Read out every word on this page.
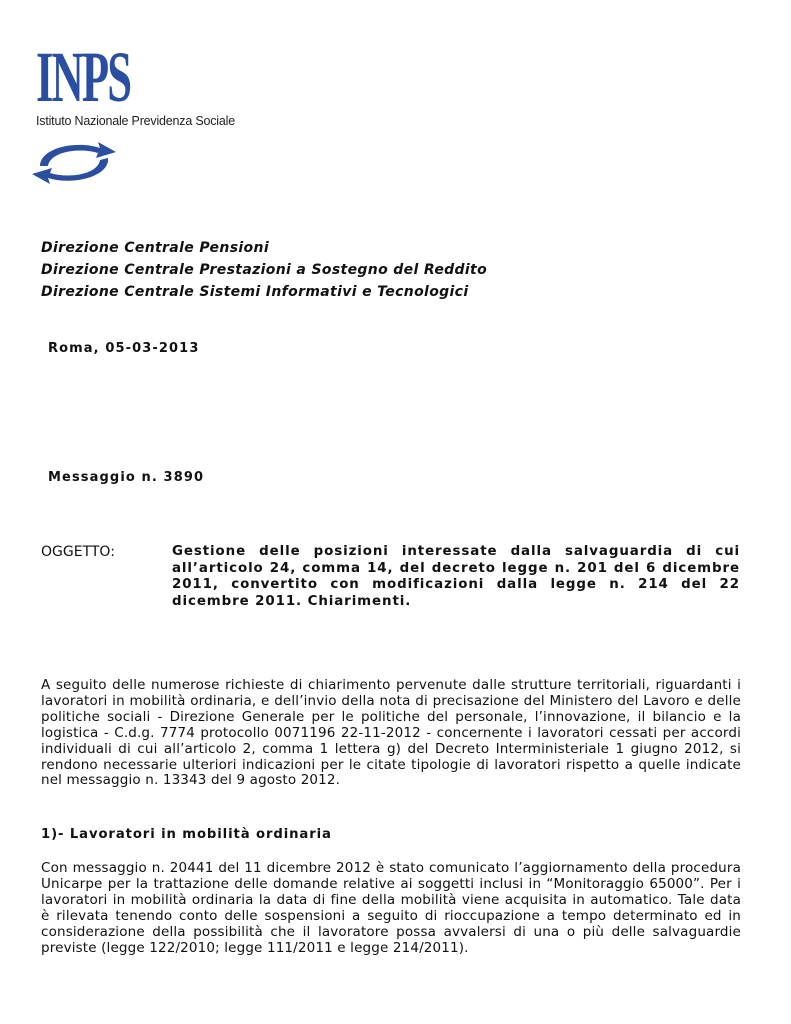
INPS
Istituto Nazionale Previdenza Sociale
Direzione Centrale Pensioni
Direzione Centrale Prestazioni a Sostegno del Reddito
Direzione Centrale Sistemi Informativi e Tecnologici
Roma, 05-03-2013
Messaggio n. 3890
OGGETTO:	Gestione delle posizioni interessate dalla salvaguardia di cui all’articolo 24, comma 14, del decreto legge n. 201 del 6 dicembre 2011, convertito con modificazioni dalla legge n. 214 del 22 dicembre 2011. Chiarimenti.
A seguito delle numerose richieste di chiarimento pervenute dalle strutture territoriali, riguardanti i lavoratori in mobilità ordinaria, e dell’invio della nota di precisazione del Ministero del Lavoro e delle politiche sociali - Direzione Generale per le politiche del personale, l’innovazione, il bilancio e la logistica - C.d.g. 7774 protocollo 0071196 22-11-2012 - concernente i lavoratori cessati per accordi individuali di cui all’articolo 2, comma 1 lettera g) del Decreto Interministeriale 1 giugno 2012, si rendono necessarie ulteriori indicazioni per le citate tipologie di lavoratori rispetto a quelle indicate nel messaggio n. 13343 del 9 agosto 2012.
1)- Lavoratori in mobilità ordinaria
Con messaggio n. 20441 del 11 dicembre 2012 è stato comunicato l’aggiornamento della procedura Unicarpe per la trattazione delle domande relative ai soggetti inclusi in “Monitoraggio 65000”. Per i lavoratori in mobilità ordinaria la data di fine della mobilità viene acquisita in automatico. Tale data è rilevata tenendo conto delle sospensioni a seguito di rioccupazione a tempo determinato ed in considerazione della possibilità che il lavoratore possa avvalersi di una o più delle salvaguardie previste (legge 122/2010; legge 111/2011 e legge 214/2011).
